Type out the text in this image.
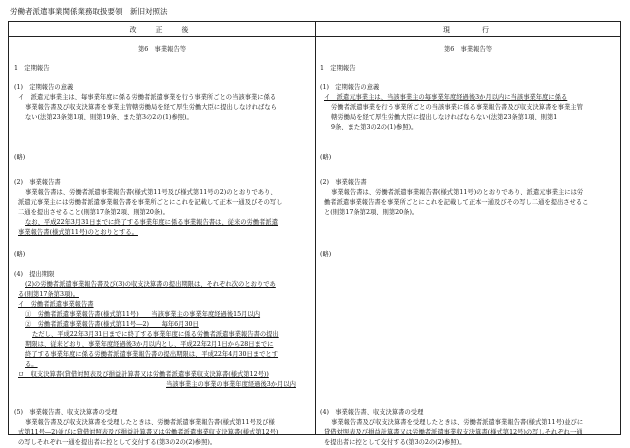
労働者派遣事業関係業務取扱要領　新旧対照法
改　正　後	現　　行
第6　事業報告等
1　定期報告
(1)　定期報告の意義
イ　派遣元事業主は、毎事業年度に係る労働者派遣事業を行う事業所ごとの当該事業に係る
事業報告書及び収支決算書を事業主管轄労働局を経て厚生労働大臣に提出しなければなら
ない(法第23条第1項、則第19条、また第3の2の(1)参照)。
(略)
(2)　事業報告書
事業報告書は、労働者派遣事業報告書(様式第11号及び様式第11号の2)のとおりであり、
派遣元事業主には労働者派遣事業報告書を事業所ごとにこれを記載して正本一通及びその写し
二通を提出させること(則第17条第2項、則第20条)。
なお、平成22年3月31日までに終了する事業年度に係る事業報告書は、従来の労働者派遣
事業報告書(様式第11号)のとおりとする。
(略)
(4)　提出期限
(2)の労働者派遣事業報告書及び(3)の収支決算書の提出期限は、それぞれ次のとおりであ
る(則第17条第3項)。
イ　労働者派遣事業報告書
①　労働者派遣事業報告書(様式第11号)　　当該事業主の事業年度経過後15月以内
②　労働者派遣事業報告書(様式第11号―2)　　毎年6月30日
ただし、平成22年3月31日までに終了する事業年度に係る労働者派遣事業報告書の提出
期限は、従来どおり、事業年度経過後3か月以内とし、平成22年2月1日から28日までに
終了する事業年度に係る労働者派遣事業報告書の提出期限は、平成22年4月30日までとす
る。
ロ　収支決算書(貸借対照表及び損益計算書又は労働者派遣事業収支決算書(様式第12号))
当該事業主の事業の事業年度経過後3か月以内
(5)　事業報告書、収支決算書の受理
事業報告書及び収支決算書を受理したときは、労働者派遣事業報告書(様式第11号及び様
式第11号―2)並びに貸借対照表及び損益計算書又は労働者派遣事業収支決算書(様式第12号)
の写しそれぞれ一通を提出者に控として交付する(第3の2の(2)参照)。
第6　事業報告等
1　定期報告
(1)　定期報告の意義
イ　派遣元事業主は、当該事業主の毎事業年度経過後3か月以内に当該事業年度に係る
労働者派遣事業を行う事業所ごとの当該事業に係る事業報告書及び収支決算書を事業主管
轄労働局を経て厚生労働大臣に提出しなければならない(法第23条第1項、則第1
9条、また第3の2の(1)参照)。
(略)
(2)　事業報告書
事業報告書は、労働者派遣事業報告書(様式第11号)のとおりであり、派遣元事業主には労
働者派遣事業報告書を事業所ごとにこれを記載して正本一通及びその写し二通を提出させるこ
と(則第17条第2項、則第20条)。
(略)
(4)　事業報告書、収支決算書の受理
事業報告書及び収支決算書を受理したときは、労働者派遣事業報告書(様式第11号)並びに
貸借対照表及び損益計算書又は労働者派遣事業収支決算書(様式第12号)の写しそれぞれ一通
を提出者に控として交付する(第3の2の(2)参照)。
